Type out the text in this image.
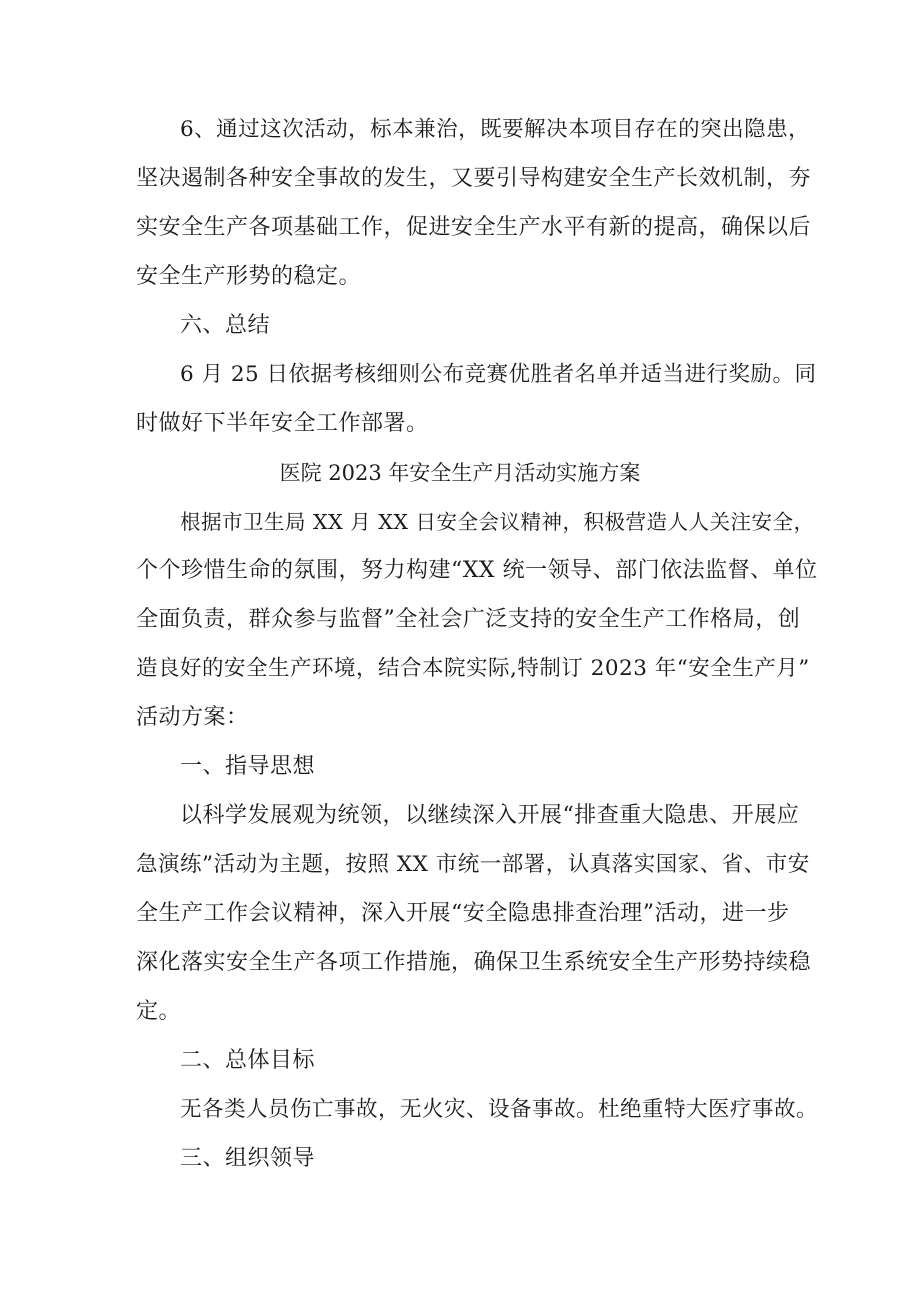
6、通过这次活动，标本兼治，既要解决本项目存在的突出隐患，
坚决遏制各种安全事故的发生，又要引导构建安全生产长效机制，夯
实安全生产各项基础工作，促进安全生产水平有新的提高，确保以后
安全生产形势的稳定。
六、总结
6 月 25 日依据考核细则公布竞赛优胜者名单并适当进行奖励。同
时做好下半年安全工作部署。
医院 2023 年安全生产月活动实施方案
根据市卫生局 XX 月 XX 日安全会议精神，积极营造人人关注安全，
个个珍惜生命的氛围，努力构建“XX 统一领导、部门依法监督、单位
全面负责，群众参与监督”全社会广泛支持的安全生产工作格局，创
造良好的安全生产环境，结合本院实际,特制订 2023 年“安全生产月”
活动方案：
一、指导思想
以科学发展观为统领，以继续深入开展“排查重大隐患、开展应
急演练”活动为主题，按照 XX 市统一部署，认真落实国家、省、市安
全生产工作会议精神，深入开展“安全隐患排查治理”活动，进一步
深化落实安全生产各项工作措施，确保卫生系统安全生产形势持续稳
定。
二、总体目标
无各类人员伤亡事故，无火灾、设备事故。杜绝重特大医疗事故。
三、组织领导
